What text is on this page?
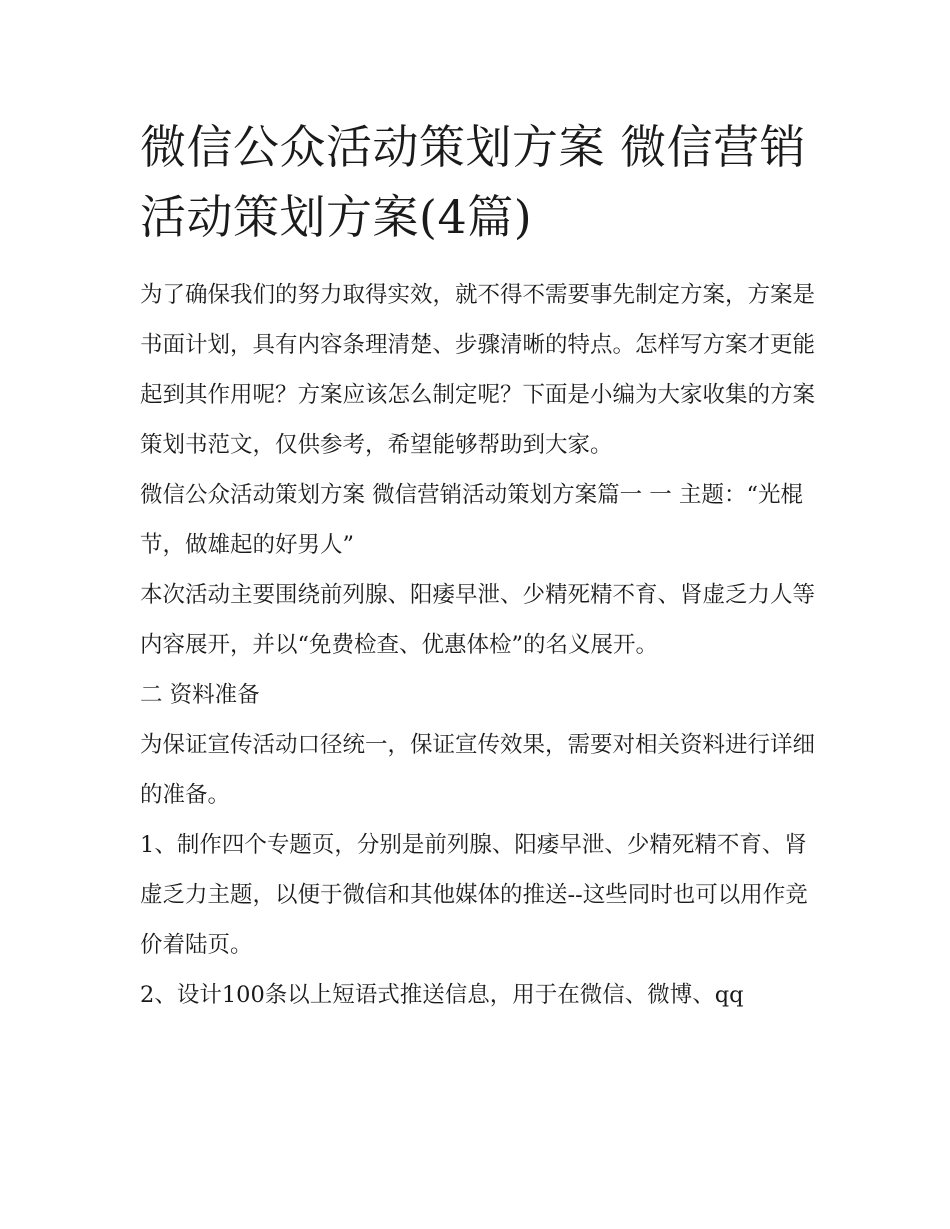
微信公众活动策划方案 微信营销活动策划方案(4篇)

为了确保我们的努力取得实效，就不得不需要事先制定方案，方案是书面计划，具有内容条理清楚、步骤清晰的特点。怎样写方案才更能起到其作用呢？方案应该怎么制定呢？下面是小编为大家收集的方案策划书范文，仅供参考，希望能够帮助到大家。

微信公众活动策划方案 微信营销活动策划方案篇一 一 主题：“光棍节，做雄起的好男人”

本次活动主要围绕前列腺、阳痿早泄、少精死精不育、肾虚乏力人等内容展开，并以“免费检查、优惠体检”的名义展开。

二 资料准备

为保证宣传活动口径统一，保证宣传效果，需要对相关资料进行详细的准备。

1、制作四个专题页，分别是前列腺、阳痿早泄、少精死精不育、肾虚乏力主题，以便于微信和其他媒体的推送--这些同时也可以用作竞价着陆页。

2、设计100条以上短语式推送信息，用于在微信、微博、qq
